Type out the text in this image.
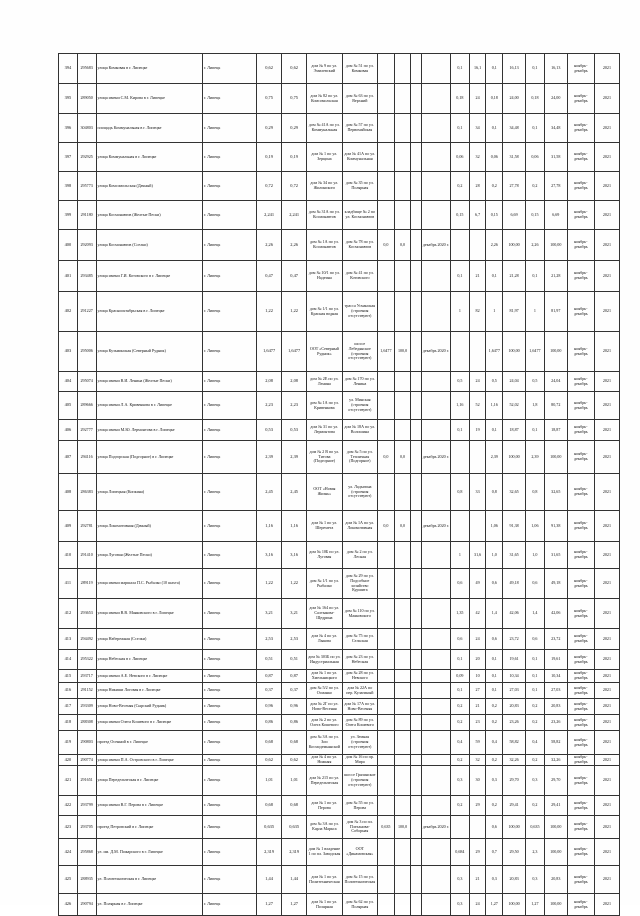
394	295683	улица Комковая в г. Липецке	г. Липецк	0,62	0,62	дом № 9 по ул. Эмилевский	дом № 51 по ул. Комковая					0,1	16,1	0,1	16,13	0,1	16,13	ноябрь-декабрь	2021
395	289050	улица имени С.М. Кирова в г. Липецке	г. Липецк	0,75	0,75	дом № 82 по ул. Комсомольская	дом № 63 по ул. Верхний					0,18	24	0,18	24,00	0,18	24,00	ноябрь-декабрь	2021
396	304803	площадь Коммунальная в г. Липецке	г. Липецк	0,29	0,29	дом № 41А по ул. Коммунальная	дом № 57 по ул. Первомайская					0,1	34	0,1	34,48	0,1	34,48	ноябрь-декабрь	2021
397	292925	улица Коммунальная в г. Липецке	г. Липецк	0,19	0,19	дом № 1 по ул. Зерцина	дом № 41А по ул. Коммунальная					0,06	32	0,06	31,58	0,06	31,58	ноябрь-декабрь	2021
398	295773	улица Комсомольская (Дачный)	г. Липецк	0,72	0,72	дом № 34 по ул. Жилинского	дом № 35 по ул. Полярная					0,2	28	0,2	27,78	0,2	27,78	ноябрь-декабрь	2021
399	291180	улица Космонавтов (Желтые Пески)	г. Липецк	2,241	2,241	дом № 31А по ул. Космонавтов	кладбище № 2 по ул. Космонавтов					0,15	6,7	0,15	6,69	0,15	6,69	ноябрь-декабрь	2021
400	292093	улица Космонавтов (Сселки)	г. Липецк	2,26	2,26	дом № 1А по ул. Космонавтов	дом № 78 по ул. Космонавтов	0,0	0,0		декабрь 2020 г.			2,26	100,00	2,26	100,00	ноябрь-декабрь	2021
401	293485	улица имени Г.И. Котовского в г. Липецке	г. Липецк	0,47	0,47	дом № 10/1 по ул. Надеина	дом № 41 по ул. Котовского					0,1	21	0,1	21,28	0,1	21,28	ноябрь-декабрь	2021
402	291227	улица Краснооктябрьская в г. Липецке	г. Липецк	1,22	1,22	дом № 1/1 по ул. Красная водная	трасса Усманская (строения отсутствуют)					1	82	1	81,97	1	81,97	ноябрь-декабрь	2021
403	295006	улица Кузьминская (Северный Рудник)	г. Липецк	1,6477	1,6477	ООТ «Северный Рудник»	шоссе Лебедянское (строения отсутствуют)	1,6477	100,0		декабрь 2020 г.			1,6477	100,00	1,6477	100,00	ноябрь-декабрь	2021
404	295074	улица имени В.И. Ленина (Желтые Пески)	г. Липецк	2,08	2,08	дом № 2Е по ул. Ленина	дом № 170 по ул. Ленина					0,5	24	0,5	24,04	0,5	24,04	ноябрь-декабрь	2021
405	289666	улица имени Л.А. Кривенкова в г. Липецке	г. Липецк	2,23	2,23	дом № 1А по ул. Кривенкова	ул. Минская (строения отсутствуют)					1,16	52	1,16	52,02	1,8	80,72	ноябрь-декабрь	2021
406	292777	улица имени М.Ю. Лермонтова в г. Липецке	г. Липецк	0,53	0,53	дом № 31 по ул. Лермонтова	дом № 18А по ул. Волошина					0,1	19	0,1	18,87	0,1	18,87	ноябрь-декабрь	2021
407	294116	улица Подгорская (Подгорное) в г. Липецке	г. Липецк	2,39	2,39	дом № 2 В по ул. Титова (Подгорное)	дом № 5 по ул. Тепличная (Подгорное)	0,0	0,0		декабрь 2020 г.			2,39	100,00	2,39	100,00	ноябрь-декабрь	2021
408	286383	улица Липецкая (Копкина)	г. Липецк	2,45	2,45	ООТ «Новая Жизнь»	ул. Ладыгина (строения отсутствуют)					0,8	33	0,8	32,65	0,8	32,65	ноябрь-декабрь	2021
409	292781	улица Локомотивная (Дачный)	г. Липецк	1,16	1,16	дом № 1 по ул. Шеремета	дом № 1А по ул. Локомотивная	0,0	0,0		декабрь 2020 г.			1,06	91,38	1,06	91,38	ноябрь-декабрь	2021
410	291410	улица Луговая (Желтые Пески)	г. Липецк	3,16	3,16	дом № 10Б по ул. Луговая	дом № 2 по ул. Лесная					1	31,6	1,0	31,65	1,0	31,65	ноябрь-декабрь	2021
411	289119	улица имени маршала П.С. Рыбалко (10 шахта)	г. Липецк	1,22	1,22	дом № 1/1 по ул. Рыбалко	дом № 29 по ул. Подсобное хозяйство Куршита					0,6	49	0,6	49,18	0,6	49,18	ноябрь-декабрь	2021
412	293653	улица имени В.В. Маяковского в г. Липецке	г. Липецк	3,21	3,21	дом № 164 по ул. Салтыкова-Щедрина	дом № 110 по ул. Маяковского					1,35	42	1,4	42,06	1,4	42,06	ноябрь-декабрь	2021
413	294492	улица Набережная (Сселки)	г. Липецк	2,53	2,53	дом № 4 по ул. Лыкова	дом № 75 по ул. Сельская					0,6	24	0,6	23,72	0,6	23,72	ноябрь-декабрь	2021
414	295322	улица Небесная в г. Липецке	г. Липецк	0,51	0,51	дом № 303Б по ул. Индустриальная	дом № 23 по ул. Небесная					0,1	20	0,1	19,61	0,1	19,61	ноябрь-декабрь	2021
415	293717	улица имени А.Е. Невского в г. Липецке	г. Липецк	0,87	0,87	дом № 1 по ул. Хмельницкого	дом № 28 по ул. Невского					0,09	10	0,1	10,34	0,1	10,34	ноябрь-декабрь	2021
416	291152	улица Никиши Логовая в г. Липецке	г. Липецк	0,37	0,37	дом № 5/2 по ул. Османко	дом № 22А по пер. Кулагиный					0,1	27	0,1	27,03	0,1	27,03	ноябрь-декабрь	2021
417	293309	улица Ново-Весеняя (Сырский Рудник)	г. Липецк	0,96	0,96	дом № 2Г по ул. Ново-Весеняя	дом № 17А по ул. Ново-Весеняя					0,2	21	0,2	20,83	0,2	20,83	ноябрь-декабрь	2021
418	288308	улица имени Олега Кошевого в г. Липецке	г. Липецк	0,86	0,86	дом № 2 по ул. Олега Кошевого	дом № 89 по ул. Олега Кошевого					0,2	23	0,2	23,26	0,2	23,26	ноябрь-декабрь	2021
419	290803	проезд Осенний в г. Липецке	г. Липецк	0,68	0,68	дом № 3А по ул. Зои Космодемьянской	ул. Земная (строения отсутствуют)					0,4	59	0,4	58,82	0,4	58,82	ноябрь-декабрь	2021
420	290774	улица имени П.А. Островского в г. Липецке	г. Липецк	0,62	0,62	дом № 4 по ул. Нижняя	дом № 16 по пр. Мира					0,2	32	0,2	32,26	0,2	32,26	ноябрь-декабрь	2021
421	291651	улица Передельческая в г. Липецке	г. Липецк	1,01	1,01	дом № 215 по ул. Передельческая	шоссе Грязинское (строения отсутствуют)					0,3	30	0,3	29,70	0,3	29,70	ноябрь-декабрь	2021
422	293799	улица имени В.Г. Перова в г. Липецке	г. Липецк	0,68	0,68	дом № 1 по ул. Перова	дом № 55 по ул. Перова					0,2	29	0,2	29,41	0,2	29,41	ноябрь-декабрь	2021
423	293705	проезд Петровский в г. Липецке	г. Липецк	0,635	0,635	дом № 3А по ул. Карла Маркса	дом № 3 по пл. Плеханова-Соборная	0,635	100,0		декабрь 2020 г.			0,6	100,00	0,635	100,00	ноябрь-декабрь	2021
424	295868	ул. им. Д.М. Пожарского в г. Липецке	г. Липецк	2,319	2,319	дом № 1 владение 1 по пл. Заводская	ООТ «Динамовская»					0,684	29	0,7	29,50	2,3	100,00	ноябрь-декабрь	2021
425	288935	ул. Политехническая в г. Липецке	г. Липецк	1,44	1,44	дом № 1 по ул. Политехническая	дом № 15 по ул. Политехническая					0,3	21	0,3	20,83	0,3	20,83	ноябрь-декабрь	2021
426	290794	ул. Полярная в г. Липецке	г. Липецк	1,27	1,27	дом № 1 по ул. Полярная	дом № 62 по ул. Полярная					0,3	24	1,27	100,00	1,27	100,00	ноябрь-декабрь	2021
